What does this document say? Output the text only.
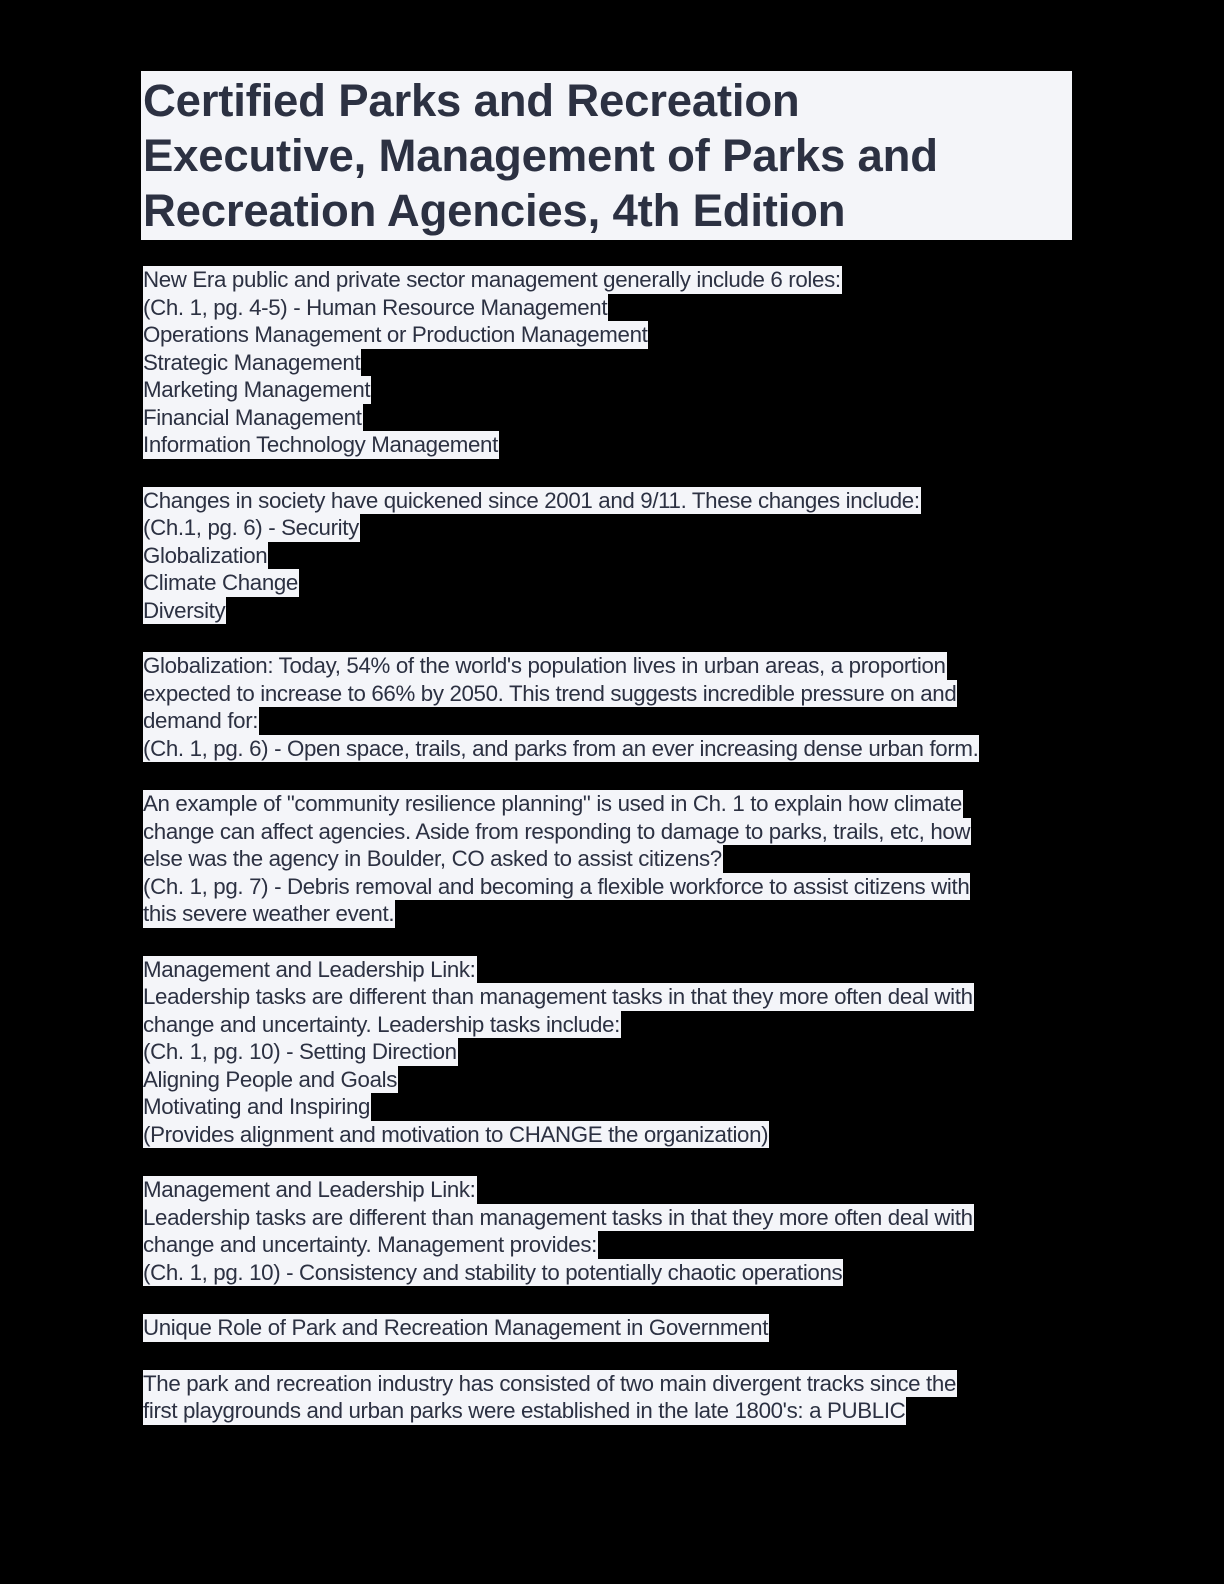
Certified Parks and Recreation
Executive, Management of Parks and
Recreation Agencies, 4th Edition
New Era public and private sector management generally include 6 roles:
(Ch. 1, pg. 4-5) - Human Resource Management
Operations Management or Production Management
Strategic Management
Marketing Management
Financial Management
Information Technology Management
Changes in society have quickened since 2001 and 9/11. These changes include:
(Ch.1, pg. 6) - Security
Globalization
Climate Change
Diversity
Globalization: Today, 54% of the world's population lives in urban areas, a proportion
expected to increase to 66% by 2050. This trend suggests incredible pressure on and
demand for:
(Ch. 1, pg. 6) - Open space, trails, and parks from an ever increasing dense urban form.
An example of "community resilience planning" is used in Ch. 1 to explain how climate
change can affect agencies. Aside from responding to damage to parks, trails, etc, how
else was the agency in Boulder, CO asked to assist citizens?
(Ch. 1, pg. 7) - Debris removal and becoming a flexible workforce to assist citizens with
this severe weather event.
Management and Leadership Link:
Leadership tasks are different than management tasks in that they more often deal with
change and uncertainty. Leadership tasks include:
(Ch. 1, pg. 10) - Setting Direction
Aligning People and Goals
Motivating and Inspiring
(Provides alignment and motivation to CHANGE the organization)
Management and Leadership Link:
Leadership tasks are different than management tasks in that they more often deal with
change and uncertainty. Management provides:
(Ch. 1, pg. 10) - Consistency and stability to potentially chaotic operations
Unique Role of Park and Recreation Management in Government
The park and recreation industry has consisted of two main divergent tracks since the
first playgrounds and urban parks were established in the late 1800's: a PUBLIC
